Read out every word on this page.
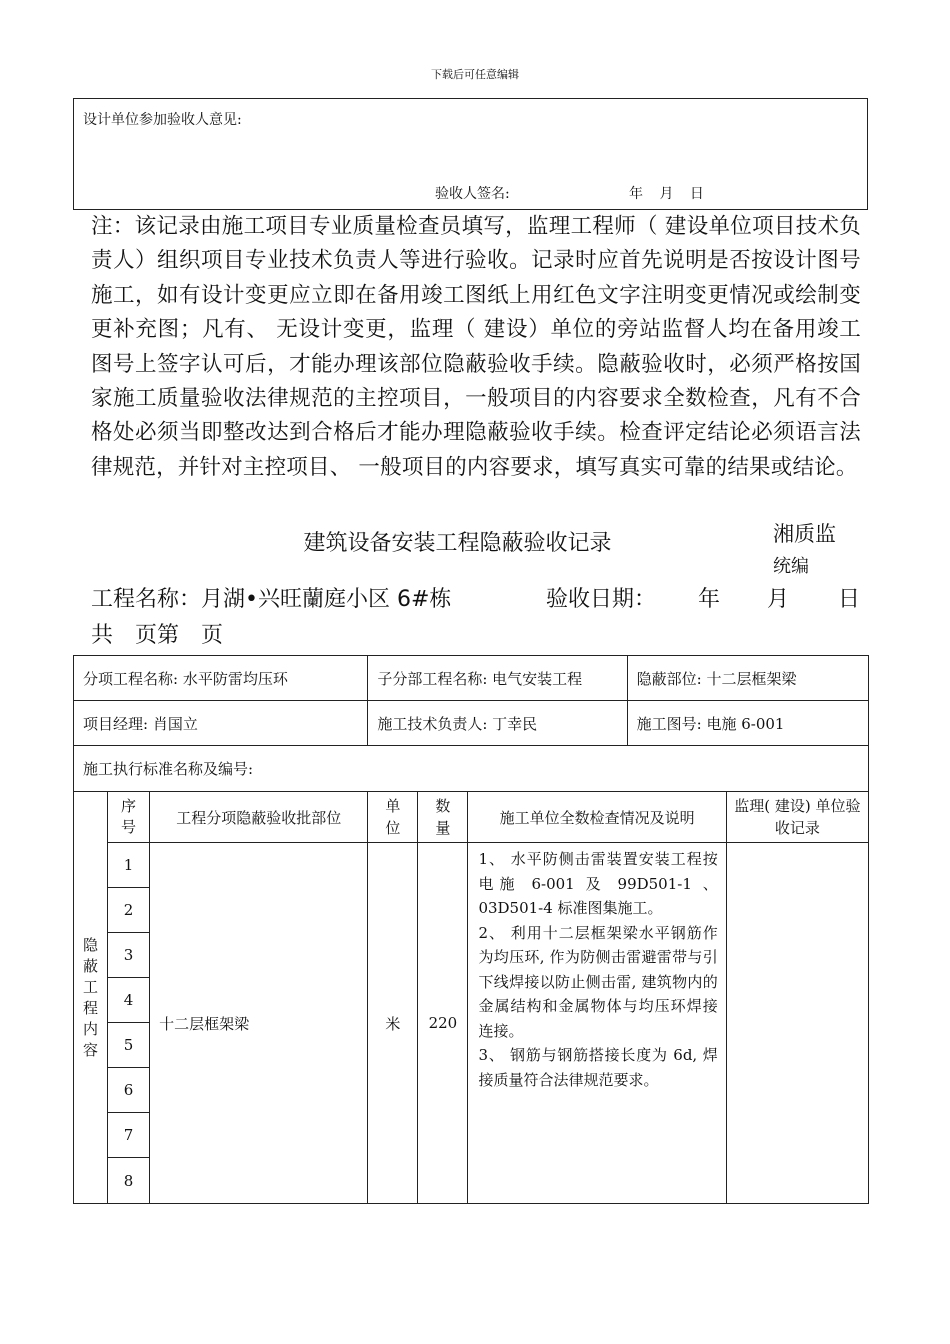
下载后可任意编辑
设计单位参加验收人意见:
验收人签名:	年 月 日
注：该记录由施工项目专业质量检查员填写，监理工程师（ 建设单位项目技术负责人）组织项目专业技术负责人等进行验收。记录时应首先说明是否按设计图号施工，如有设计变更应立即在备用竣工图纸上用红色文字注明变更情况或绘制变更补充图；凡有、 无设计变更，监理（ 建设）单位的旁站监督人均在备用竣工图号上签字认可后，才能办理该部位隐蔽验收手续。隐蔽验收时，必须严格按国家施工质量验收法律规范的主控项目，一般项目的内容要求全数检查，凡有不合格处必须当即整改达到合格后才能办理隐蔽验收手续。检查评定结论必须语言法律规范，并针对主控项目、 一般项目的内容要求，填写真实可靠的结果或结论。
建筑设备安装工程隐蔽验收记录	湘质监
统编
工程名称：月湖•兴旺蘭庭小区 6#栋	验收日期： 年 月 日
共　页第　页
分项工程名称: 水平防雷均压环			子分部工程名称: 电气安装工程			隐蔽部位: 十二层框架梁	
项目经理: 肖国立			施工技术负责人: 丁幸民			施工图号: 电施 6-001	
施工执行标准名称及编号:							
隐蔽工程内容	序号	工程分项隐蔽验收批部位	单位	数量	施工单位全数检查情况及说明		监理( 建设) 单位验收记录
	1	十二层框架梁	米	220	1、 水平防侧击雷装置安装工程按电施 6-001 及 99D501-1 、03D501-4 标准图集施工。
2、 利用十二层框架梁水平钢筋作为均压环, 作为防侧击雷避雷带与引下线焊接以防止侧击雷, 建筑物内的金属结构和金属物体与均压环焊接连接。
3、 钢筋与钢筋搭接长度为 6d, 焊接质量符合法律规范要求。		

	2						
	3						
	4						
	5						
	6						
	7						
	8						
